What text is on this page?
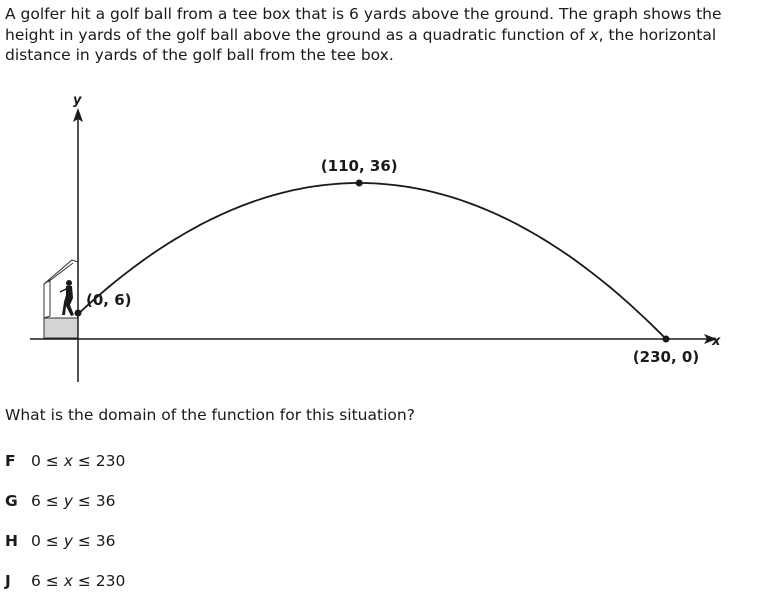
A golfer hit a golf ball from a tee box that is 6 yards above the ground. The graph shows the height in yards of the golf ball above the ground as a quadratic function of x, the horizontal distance in yards of the golf ball from the tee box.

x
y
(0, 6)
(110, 36)
(230, 0)

What is the domain of the function for this situation?

F 0 ≤ x ≤ 230

G 6 ≤ y ≤ 36

H 0 ≤ y ≤ 36

J 6 ≤ x ≤ 230
